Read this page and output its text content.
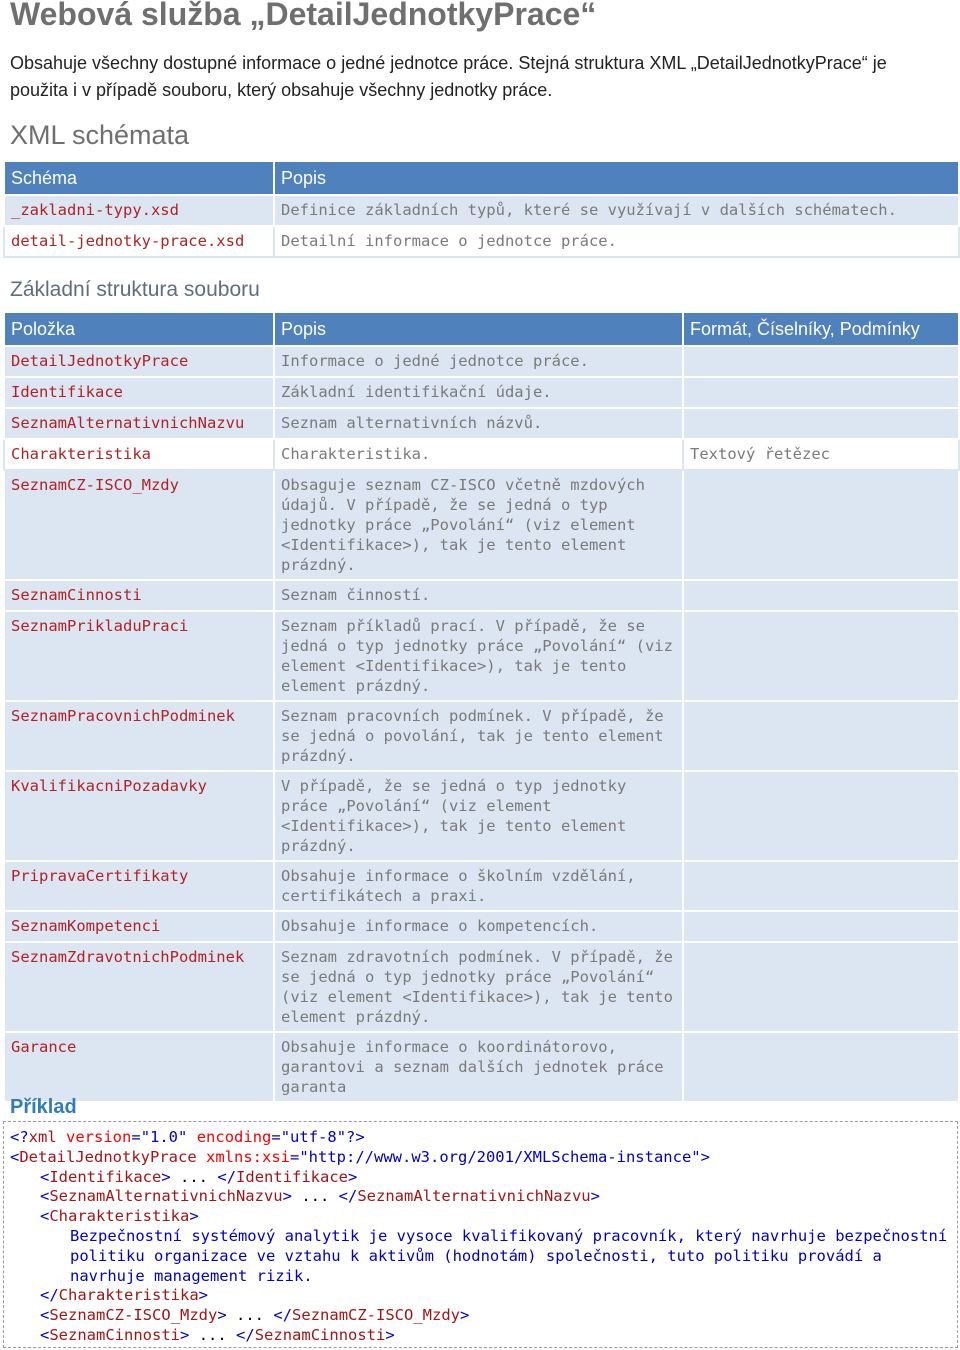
Webová služba „DetailJednotkyPrace“
Obsahuje všechny dostupné informace o jedné jednotce práce. Stejná struktura XML „DetailJednotkyPrace“ je použita i v případě souboru, který obsahuje všechny jednotky práce.
XML schémata
Schéma	Popis
_zakladni-typy.xsd	Definice základních typů, které se využívají v dalších schématech.
detail-jednotky-prace.xsd	Detailní informace o jednotce práce.
Základní struktura souboru
Položka	Popis	Formát, Číselníky, Podmínky
DetailJednotkyPrace	Informace o jedné jednotce práce.	
Identifikace	Základní identifikační údaje.	
SeznamAlternativnichNazvu	Seznam alternativních názvů.	
Charakteristika	Charakteristika.	Textový řetězec
SeznamCZ-ISCO_Mzdy	Obsaguje seznam CZ-ISCO včetně mzdových údajů. V případě, že se jedná o typ jednotky práce „Povolání“ (viz element <Identifikace>), tak je tento element prázdný.	
SeznamCinnosti	Seznam činností.	
SeznamPrikladuPraci	Seznam příkladů prací. V případě, že se jedná o typ jednotky práce „Povolání“ (viz element <Identifikace>), tak je tento element prázdný.	
SeznamPracovnichPodminek	Seznam pracovních podmínek. V případě, že se jedná o povolání, tak je tento element prázdný.	
KvalifikacniPozadavky	V případě, že se jedná o typ jednotky práce „Povolání“ (viz element <Identifikace>), tak je tento element prázdný.	
PripravaCertifikaty	Obsahuje informace o školním vzdělání, certifikátech a praxi.	
SeznamKompetenci	Obsahuje informace o kompetencích.	
SeznamZdravotnichPodminek	Seznam zdravotních podmínek. V případě, že se jedná o typ jednotky práce „Povolání“ (viz element <Identifikace>), tak je tento element prázdný.	
Garance	Obsahuje informace o koordinátorovo, garantovi a seznam dalších jednotek práce garanta	
Příklad
<?xml version="1.0" encoding="utf-8"?>
<DetailJednotkyPrace xmlns:xsi="http://www.w3.org/2001/XMLSchema-instance">
<Identifikace> ... </Identifikace>
<SeznamAlternativnichNazvu> ... </SeznamAlternativnichNazvu>
<Charakteristika>
Bezpečnostní systémový analytik je vysoce kvalifikovaný pracovník, který navrhuje bezpečnostní politiku organizace ve vztahu k aktivům (hodnotám) společnosti, tuto politiku provádí a navrhuje management rizik.
</Charakteristika>
<SeznamCZ-ISCO_Mzdy> ... </SeznamCZ-ISCO_Mzdy>
<SeznamCinnosti> ... </SeznamCinnosti>
